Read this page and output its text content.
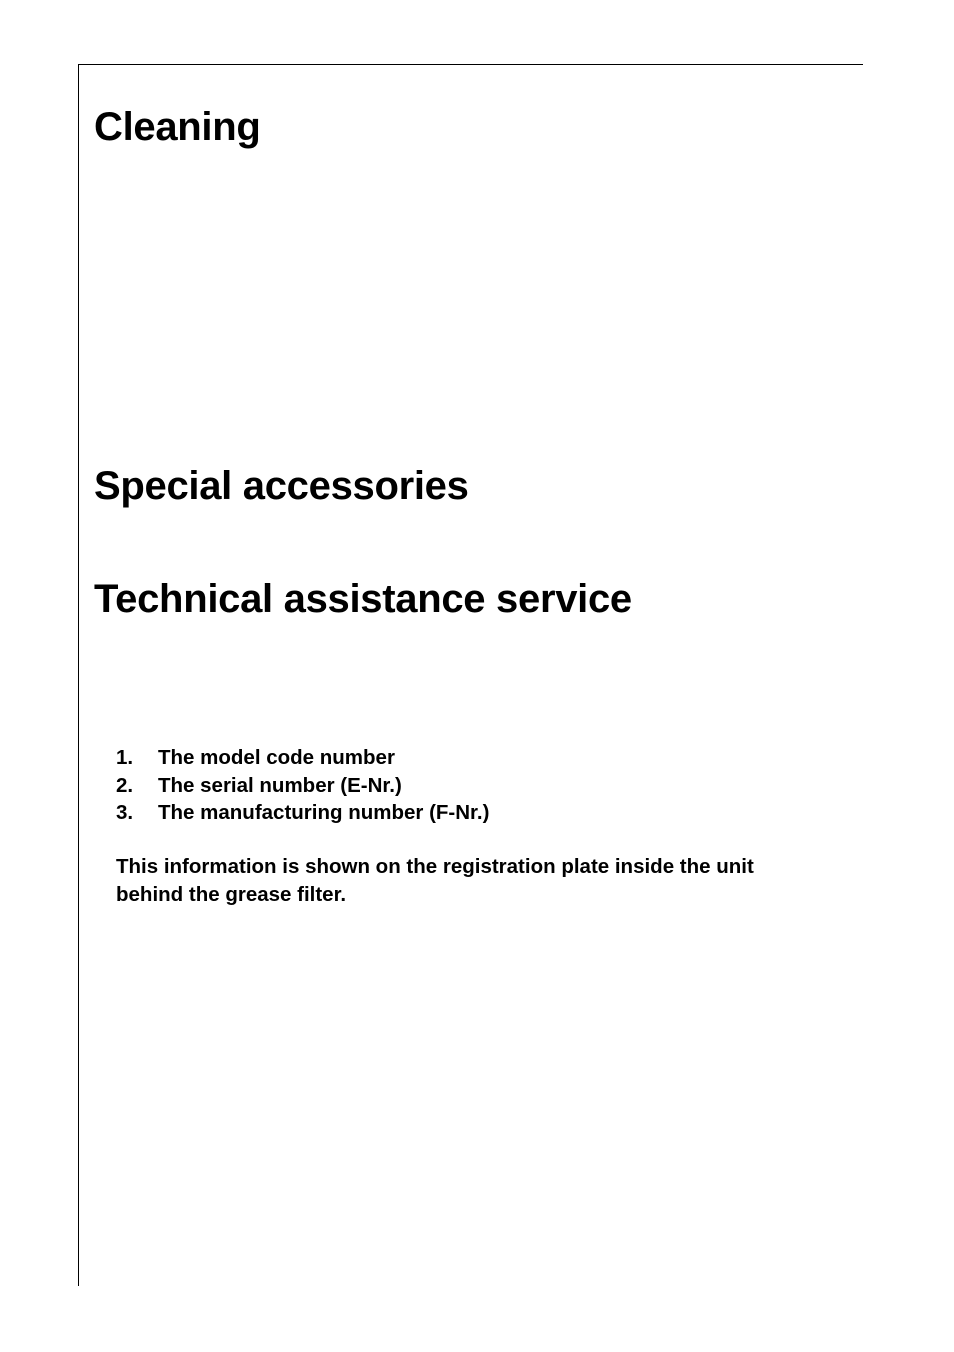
Cleaning
Special accessories
Technical assistance service
1. The model code number
2. The serial number (E-Nr.)
3. The manufacturing number (F-Nr.)

This information is shown on the registration plate inside the unit
behind the grease filter.
